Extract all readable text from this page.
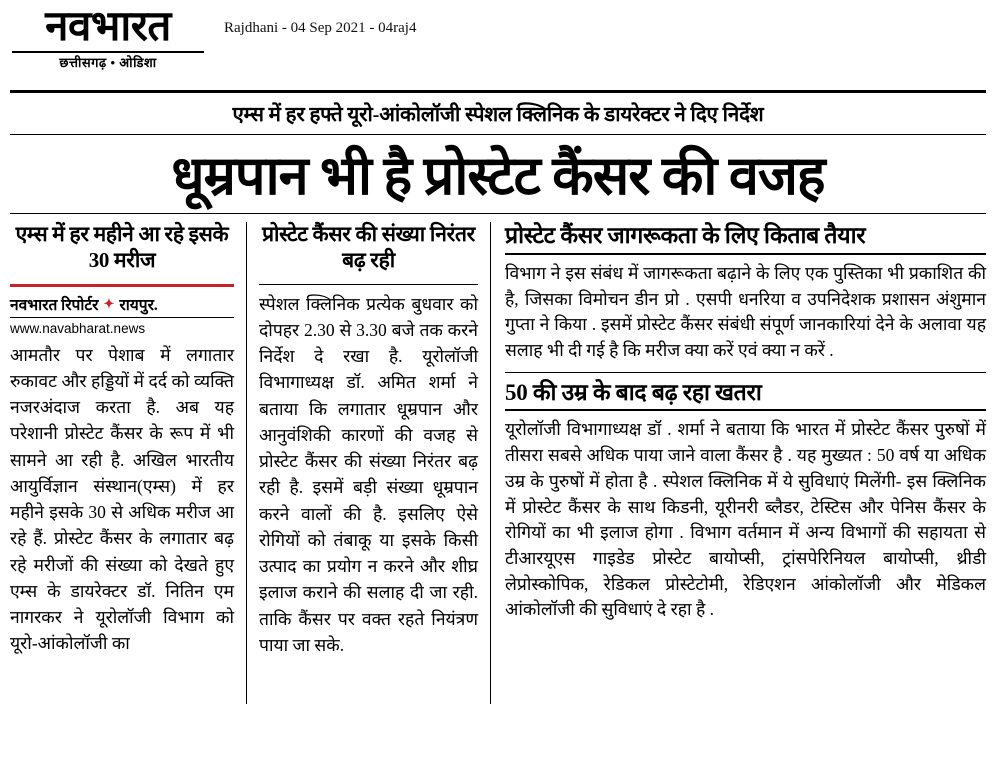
नवभारत
छत्तीसगढ़ • ओडिशा
Rajdhani - 04 Sep 2021 - 04raj4
एम्स में हर हफ्ते यूरो-आंकोलॉजी स्पेशल क्लिनिक के डायरेक्टर ने दिए निर्देश
धूम्रपान भी है प्रोस्टेट कैंसर की वजह
एम्स में हर महीने आ रहे इसके 30 मरीज
नवभारत रिपोर्टर ✦ रायपुर.
www.navabharat.news

आमतौर पर पेशाब में लगातार रुकावट और हड्डियों में दर्द को व्यक्ति नजरअंदाज करता है. अब यह परेशानी प्रोस्टेट कैंसर के रूप में भी सामने आ रही है. अखिल भारतीय आयुर्विज्ञान संस्थान(एम्स) में हर महीने इसके 30 से अधिक मरीज आ रहे हैं. प्रोस्टेट कैंसर के लगातार बढ़ रहे मरीजों की संख्या को देखते हुए एम्स के डायरेक्टर डॉ. नितिन एम नागरकर ने यूरोलॉजी विभाग को यूरो-आंकोलॉजी का

प्रोस्टेट कैंसर की संख्या निरंतर बढ़ रही

स्पेशल क्लिनिक प्रत्येक बुधवार को दोपहर 2.30 से 3.30 बजे तक करने निर्देश दे रखा है. यूरोलॉजी विभागाध्यक्ष डॉ. अमित शर्मा ने बताया कि लगातार धूम्रपान और आनुवंशिकी कारणों की वजह से प्रोस्टेट कैंसर की संख्या निरंतर बढ़ रही है. इसमें बड़ी संख्या धूम्रपान करने वालों की है. इसलिए ऐसे रोगियों को तंबाकू या इसके किसी उत्पाद का प्रयोग न करने और शीघ्र इलाज कराने की सलाह दी जा रही. ताकि कैंसर पर वक्त रहते नियंत्रण पाया जा सके.

प्रोस्टेट कैंसर जागरूकता के लिए किताब तैयार

विभाग ने इस संबंध में जागरूकता बढ़ाने के लिए एक पुस्तिका भी प्रकाशित की है, जिसका विमोचन डीन प्रो . एसपी धनरिया व उपनिदेशक प्रशासन अंशुमान गुप्ता ने किया . इसमें प्रोस्टेट कैंसर संबंधी संपूर्ण जानकारियां देने के अलावा यह सलाह भी दी गई है कि मरीज क्या करें एवं क्या न करें .

50 की उम्र के बाद बढ़ रहा खतरा

यूरोलॉजी विभागाध्यक्ष डॉ . शर्मा ने बताया कि भारत में प्रोस्टेट कैंसर पुरुषों में तीसरा सबसे अधिक पाया जाने वाला कैंसर है . यह मुख्यत : 50 वर्ष या अधिक उम्र के पुरुषों में होता है . स्पेशल क्लिनिक में ये सुविधाएं मिलेंगी- इस क्लिनिक में प्रोस्टेट कैंसर के साथ किडनी, यूरीनरी ब्लैडर, टेस्टिस और पेनिस कैंसर के रोगियों का भी इलाज होगा . विभाग वर्तमान में अन्य विभागों की सहायता से टीआरयूएस गाइडेड प्रोस्टेट बायोप्सी, ट्रांसपेरिनियल बायोप्सी, थ्रीडी लेप्रोस्कोपिक, रेडिकल प्रोस्टेटोमी, रेडिएशन आंकोलॉजी और मेडिकल आंकोलॉजी की सुविधाएं दे रहा है .
